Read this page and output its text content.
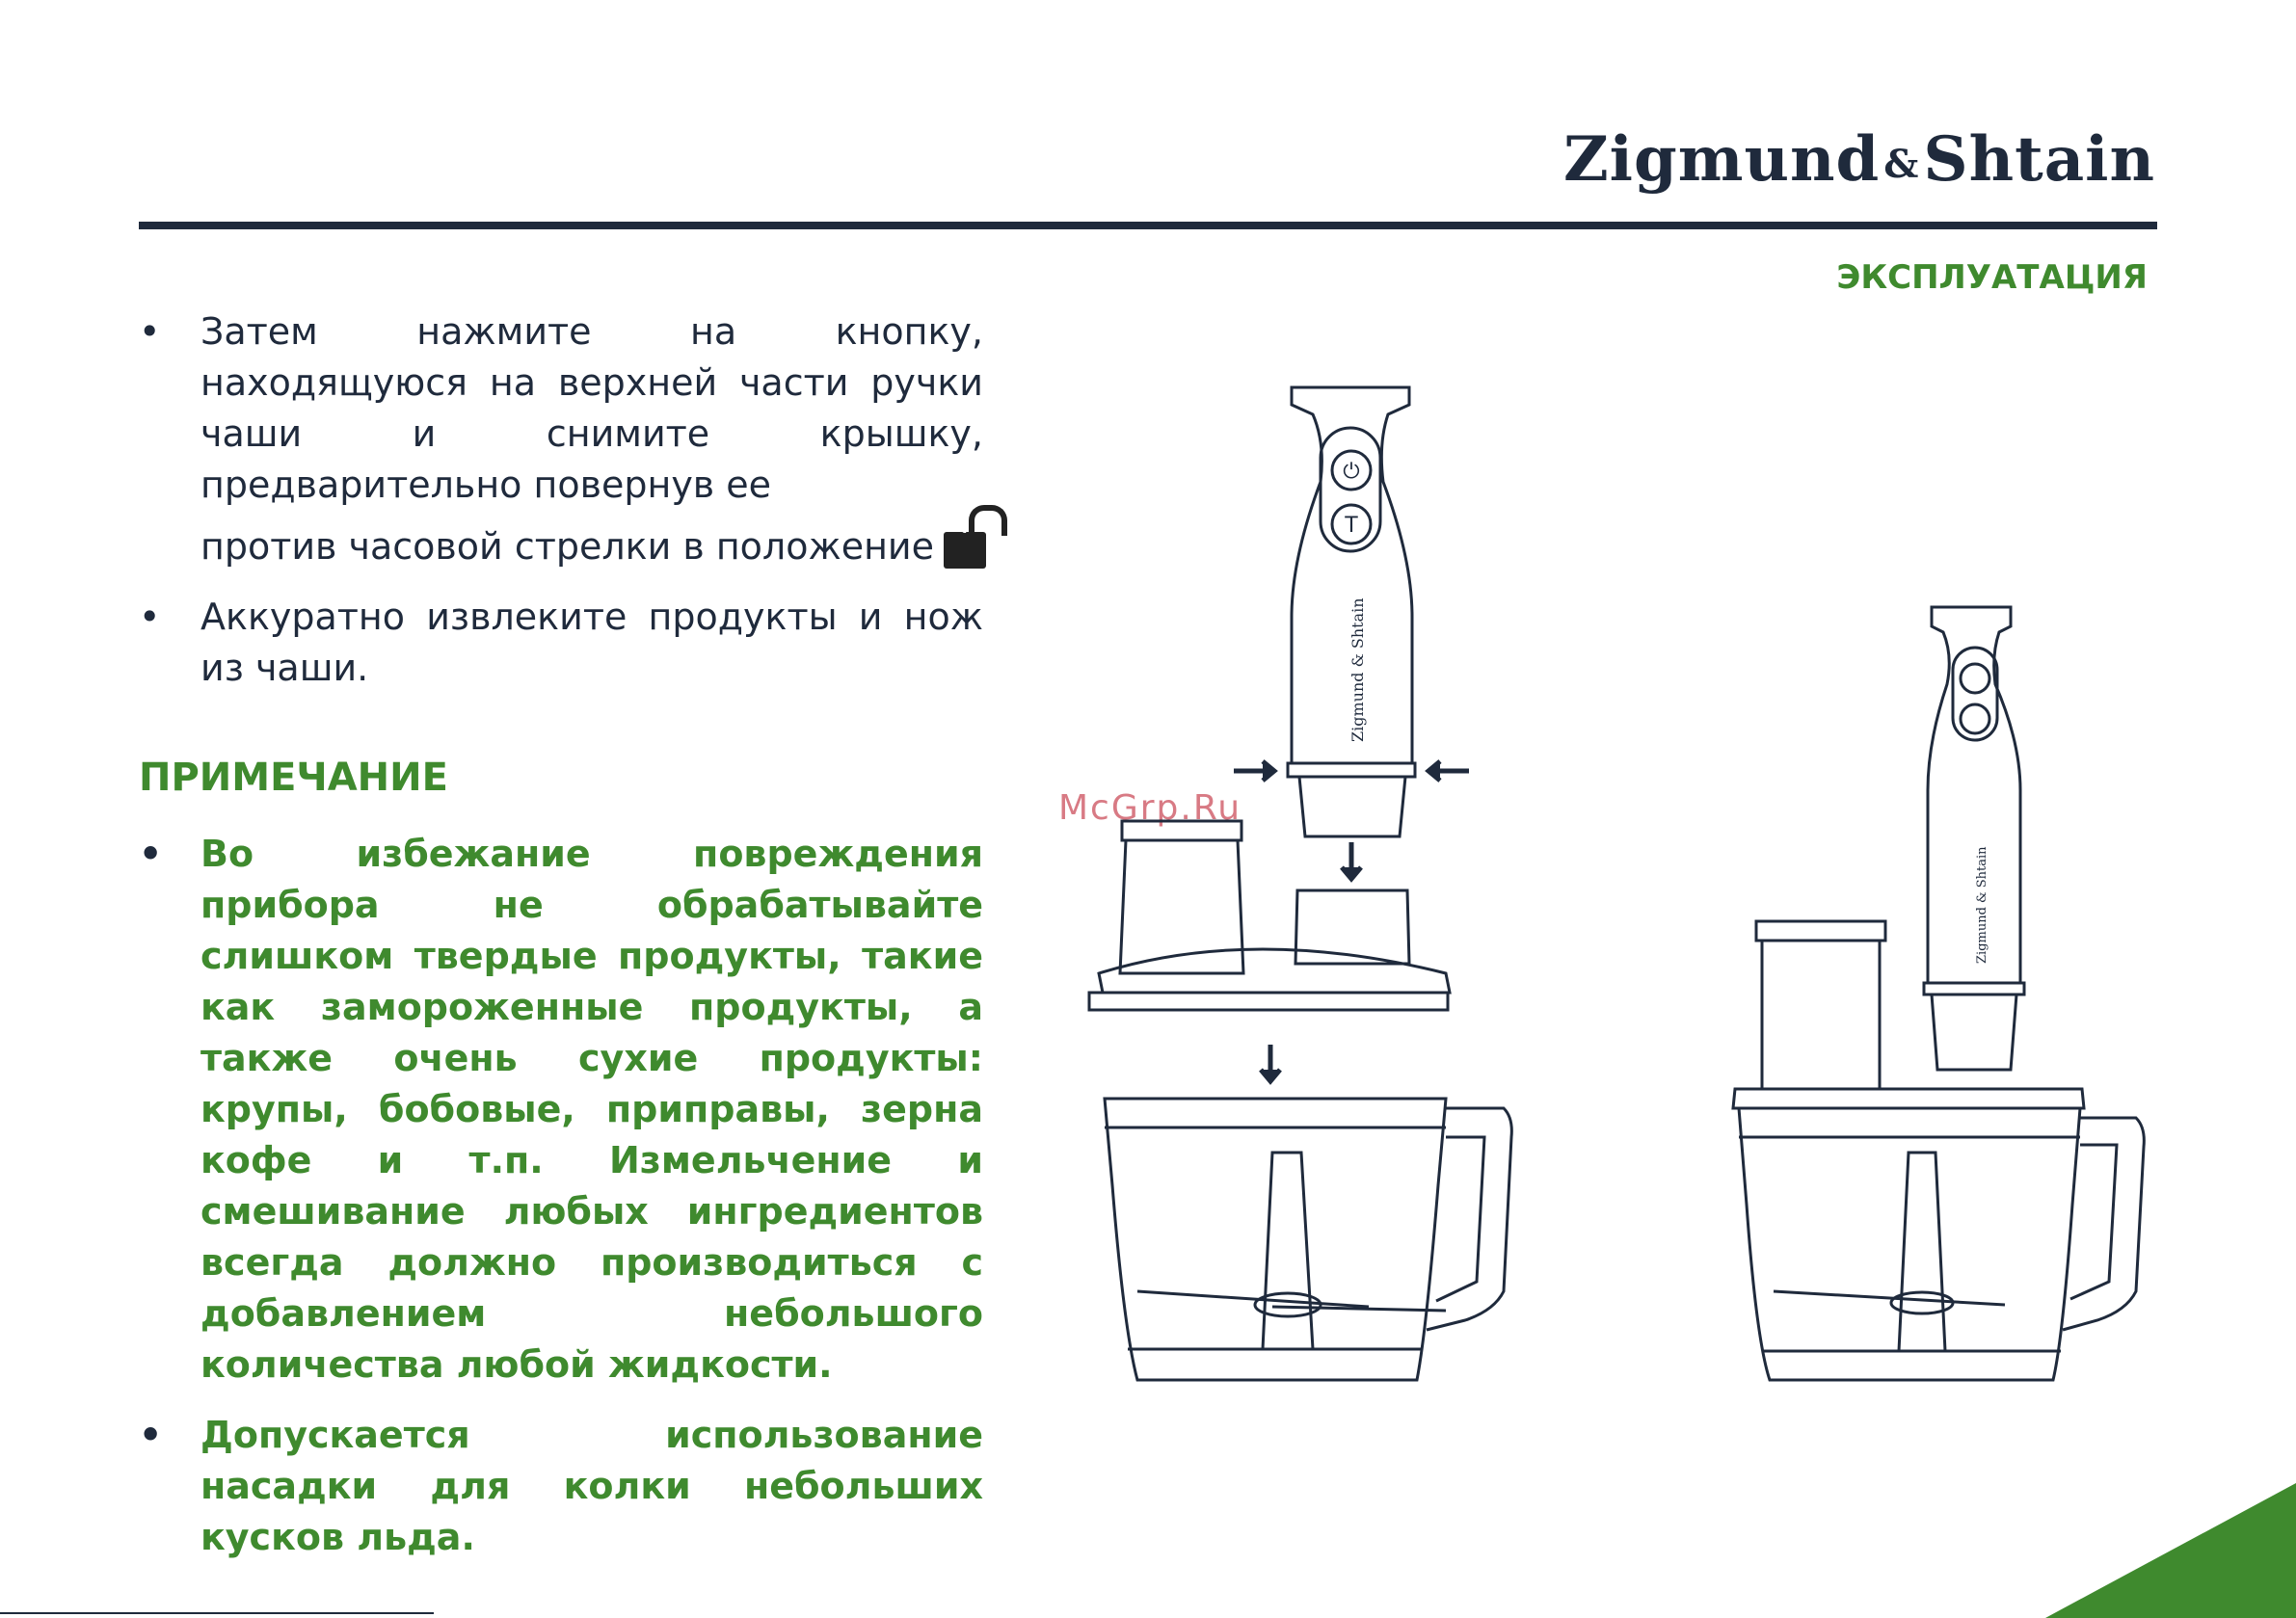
Zigmund &Shtain
ЭКСПЛУАТАЦИЯ
• Затем нажмите на кнопку, находящуюся на верхней части ручки чаши и снимите крышку, предварительно повернув ее
против часовой стрелки в положение t
• Аккуратно извлеките продукты и нож из чаши.
ПРИМЕЧАНИЕ
• Во избежание повреждения прибора не обрабатывайте слишком твердые продукты, такие как замороженные продукты, а также очень сухие продукты: крупы, бобовые, приправы, зерна кофе и т.п. Измельчение и смешивание любых ингредиентов всегда должно производиться с добавлением небольшого количества любой жидкости.
• Допускается использование насадки для колки небольших кусков льда.
McGrp.Ru
⏻
T
Zigmund & Shtain
Zigmund & Shtain
